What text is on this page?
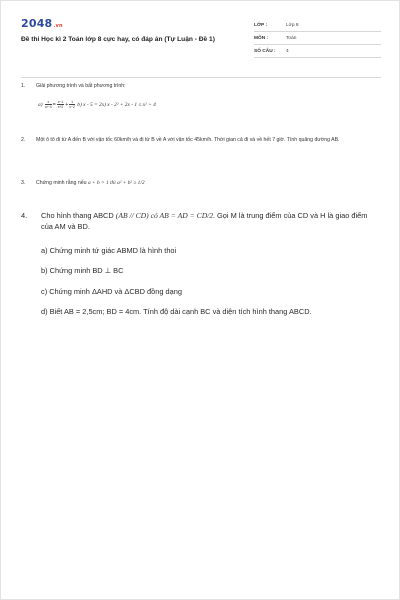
2048.vn
Đề thi Học kì 2 Toán lớp 8 cực hay, có đáp án (Tự Luận - Đề 1)
LỚP :	Lớp 8
MÔN :	Toán
SỐ CÂU :	4
1. Giải phương trình và bất phương trình:
$a) \frac{x}{\text{x²−4}} = \frac{x-1}{x+2} + \frac{1}{x-2} b$) x - 5 = 2x) x - 2² + 2x - 1 ≤ x² + 4
2.	Một ô tô đi từ A đến B với vận tốc 60km/h và đi từ B về A với vận tốc 45km/h. Thời gian cả đi và về hết 7 giờ. Tính quãng đường AB.
3. Chứng minh rằng nếu a + b = 1 thì a² + b² ≥ 1/2
4. Cho hình thang ABCD (AB // CD) có AB = AD = CD/2. Gọi M là trung điểm của CD và H là giao điểm của AM và BD.
a) Chứng minh tứ giác ABMD là hình thoi
b) Chứng minh BD ⊥ BC
c) Chứng minh ΔAHD và ΔCBD đồng dạng
d) Biết AB = 2,5cm; BD = 4cm. Tính độ dài cạnh BC và diện tích hình thang ABCD.
